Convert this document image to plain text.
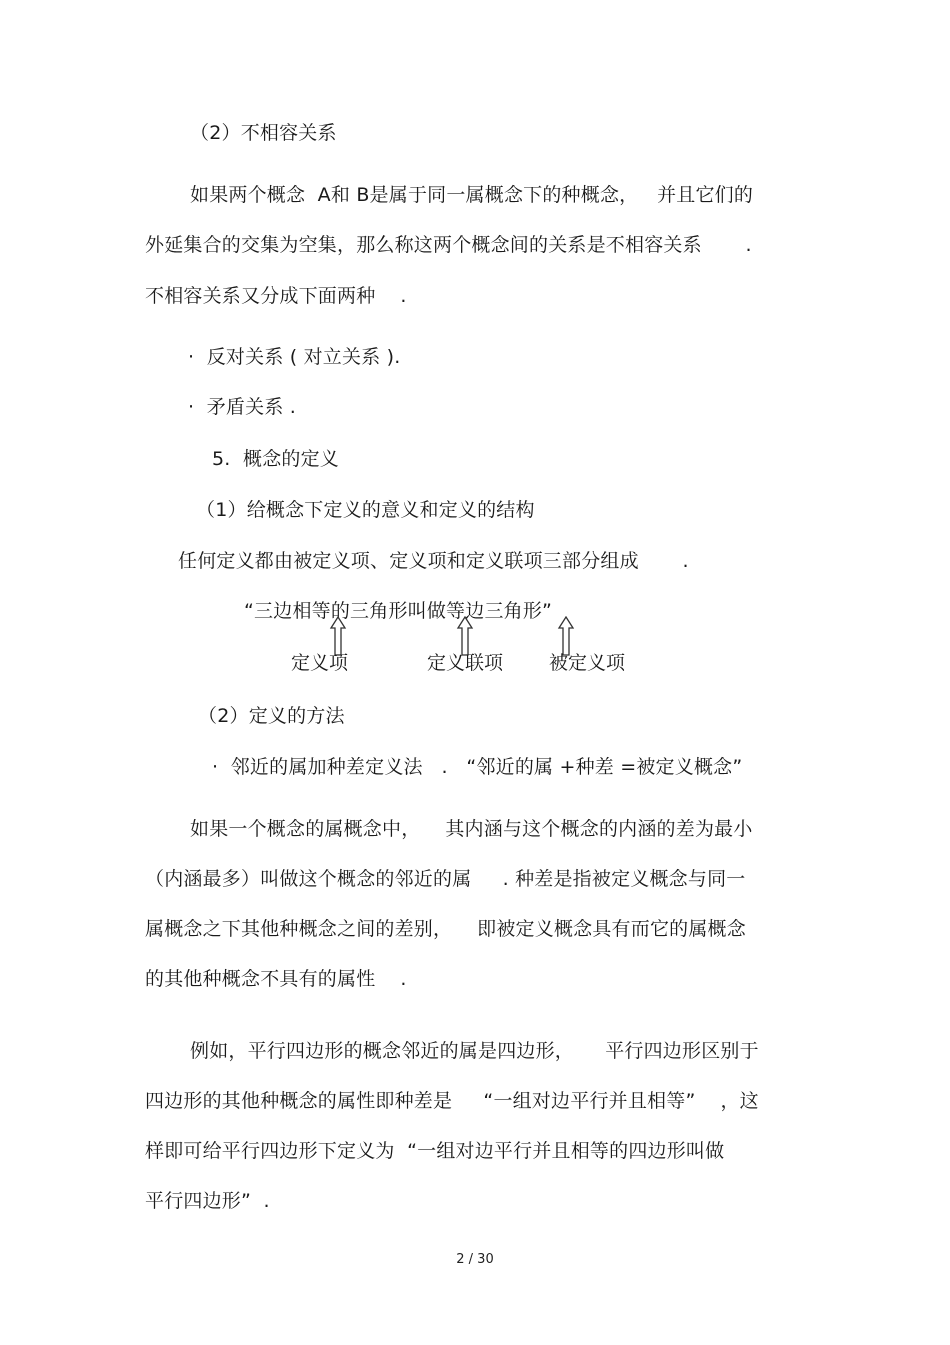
（2）不相容关系
如果两个概念  A和 B是属于同一属概念下的种概念，   并且它们的
外延集合的交集为空集，那么称这两个概念间的关系是不相容关系       .
不相容关系又分成下面两种    .
·  反对关系 ( 对立关系 ).
·  矛盾关系 .
5.  概念的定义
（1）给概念下定义的意义和定义的结构
任何定义都由被定义项、定义项和定义联项三部分组成       .
“三边相等的三角形叫做等边三角形”
定义项	定义联项 被定义项
（2）定义的方法
·  邻近的属加种差定义法   .   “邻近的属 +种差 =被定义概念”
如果一个概念的属概念中，    其内涵与这个概念的内涵的差为最小
（内涵最多）叫做这个概念的邻近的属     . 种差是指被定义概念与同一
属概念之下其他种概念之间的差别，    即被定义概念具有而它的属概念
的其他种概念不具有的属性    .
例如，平行四边形的概念邻近的属是四边形，     平行四边形区别于
四边形的其他种概念的属性即种差是     “一组对边平行并且相等”    ，这
样即可给平行四边形下定义为  “一组对边平行并且相等的四边形叫做
平行四边形”  .
2 / 30
